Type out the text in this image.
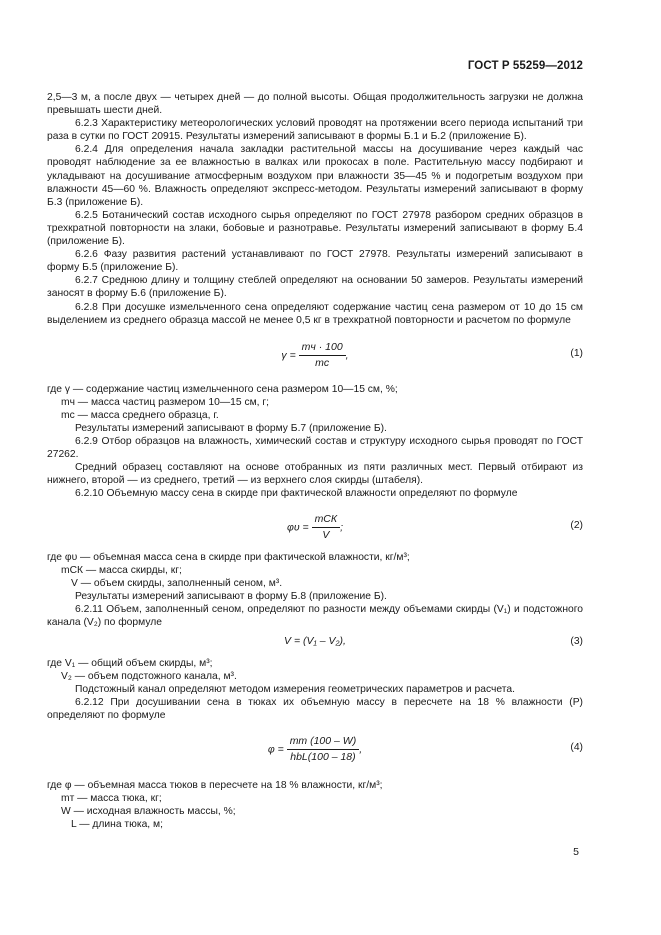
ГОСТ Р 55259—2012

2,5—3 м, а после двух — четырех дней — до полной высоты. Общая продолжительность загрузки не должна превышать шести дней.

6.2.3 Характеристику метеорологических условий проводят на протяжении всего периода испытаний три раза в сутки по ГОСТ 20915. Результаты измерений записывают в формы Б.1 и Б.2 (приложение Б).

6.2.4 Для определения начала закладки растительной массы на досушивание через каждый час проводят наблюдение за ее влажностью в валках или прокосах в поле. Растительную массу подбирают и укладывают на досушивание атмосферным воздухом при влажности 35—45 % и подогретым воздухом при влажности 45—60 %. Влажность определяют экспресс-методом. Результаты измерений записывают в форму Б.3 (приложение Б).

6.2.5 Ботанический состав исходного сырья определяют по ГОСТ 27978 разбором средних образцов в трехкратной повторности на злаки, бобовые и разнотравье. Результаты измерений записывают в форму Б.4 (приложение Б).

6.2.6 Фазу развития растений устанавливают по ГОСТ 27978. Результаты измерений записывают в форму Б.5 (приложение Б).

6.2.7 Среднюю длину и толщину стеблей определяют на основании 50 замеров. Результаты измерений заносят в форму Б.6 (приложение Б).

6.2.8 При досушке измельченного сена определяют содержание частиц сена размером от 10 до 15 см выделением из среднего образца массой не менее 0,5 кг в трехкратной повторности и расчетом по формуле

$\gamma = \frac{mч \cdot 100}{mс}$ ,	(1)

где γ — содержание частиц измельченного сена размером 10—15 см, %;

mч — масса частиц размером 10—15 см, г;

mс — масса среднего образца, г.

Результаты измерений записывают в форму Б.7 (приложение Б).

6.2.9 Отбор образцов на влажность, химический состав и структуру исходного сырья проводят по ГОСТ 27262.

Средний образец составляют на основе отобранных из пяти различных мест. Первый отбирают из нижнего, второй — из среднего, третий — из верхнего слоя скирды (штабеля).

6.2.10 Объемную массу сена в скирде при фактической влажности определяют по формуле

$\varphi\upsilon = \frac{\text{mСК}}{V}$ ;	(2)

где φυ — объемная масса сена в скирде при фактической влажности, кг/м³;

mСК — масса скирды, кг;

V — объем скирды, заполненный сеном, м³.

Результаты измерений записывают в форму Б.8 (приложение Б).

6.2.11 Объем, заполненный сеном, определяют по разности между объемами скирды (V₁) и подстожного канала (V₂) по формуле

V = (V₁ – V₂),	(3)

где V₁ — общий объем скирды, м³;

V₂ — объем подстожного канала, м³.

Подстожный канал определяют методом измерения геометрических параметров и расчета.

6.2.12 При досушивании сена в тюках их объемную массу в пересчете на 18 % влажности (P) определяют по формуле

$\varphi = \frac{mт (100 - W)}{\text{hbL(100 – 18)}}$ ,	(4)

где φ — объемная масса тюков в пересчете на 18 % влажности, кг/м³;

mт — масса тюка, кг;

W — исходная влажность массы, %;

L — длина тюка, м;

5
